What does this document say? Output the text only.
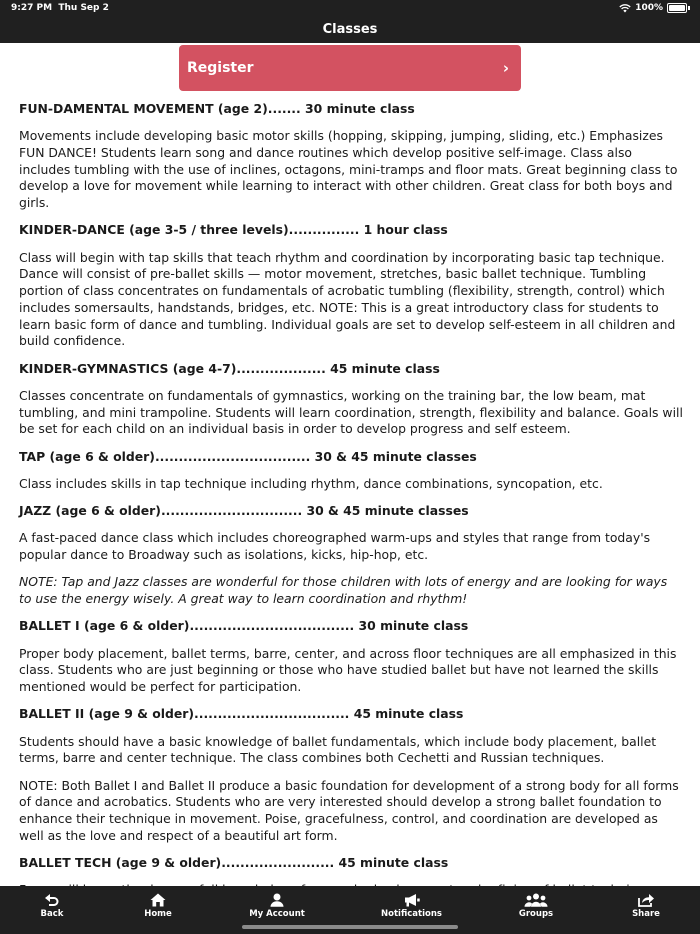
9:27 PM Thu Sep 2	100%
Classes
Register	›

FUN-DAMENTAL MOVEMENT (age 2)....... 30 minute class

Movements include developing basic motor skills (hopping, skipping, jumping, sliding, etc.) Emphasizes FUN DANCE! Students learn song and dance routines which develop positive self-image. Class also includes tumbling with the use of inclines, octagons, mini-tramps and floor mats. Great beginning class to develop a love for movement while learning to interact with other children. Great class for both boys and girls.

KINDER-DANCE (age 3-5 / three levels)............... 1 hour class

Class will begin with tap skills that teach rhythm and coordination by incorporating basic tap technique. Dance will consist of pre-ballet skills — motor movement, stretches, basic ballet technique. Tumbling portion of class concentrates on fundamentals of acrobatic tumbling (flexibility, strength, control) which includes somersaults, handstands, bridges, etc. NOTE: This is a great introductory class for students to learn basic form of dance and tumbling. Individual goals are set to develop self-esteem in all children and build confidence.

KINDER-GYMNASTICS (age 4-7)................... 45 minute class

Classes concentrate on fundamentals of gymnastics, working on the training bar, the low beam, mat tumbling, and mini trampoline. Students will learn coordination, strength, flexibility and balance. Goals will be set for each child on an individual basis in order to develop progress and self esteem.

TAP (age 6 & older)................................. 30 & 45 minute classes

Class includes skills in tap technique including rhythm, dance combinations, syncopation, etc.

JAZZ (age 6 & older).............................. 30 & 45 minute classes

A fast-paced dance class which includes choreographed warm-ups and styles that range from today's popular dance to Broadway such as isolations, kicks, hip-hop, etc.

NOTE: Tap and Jazz classes are wonderful for those children with lots of energy and are looking for ways to use the energy wisely. A great way to learn coordination and rhythm!

BALLET I (age 6 & older)................................... 30 minute class

Proper body placement, ballet terms, barre, center, and across floor techniques are all emphasized in this class. Students who are just beginning or those who have studied ballet but have not learned the skills mentioned would be perfect for participation.

BALLET II (age 9 & older)................................. 45 minute class

Students should have a basic knowledge of ballet fundamentals, which include body placement, ballet terms, barre and center technique. The class combines both Cechetti and Russian techniques.

NOTE: Both Ballet I and Ballet II produce a basic foundation for development of a strong body for all forms of dance and acrobatics. Students who are very interested should develop a strong ballet foundation to enhance their technique in movement. Poise, gracefulness, control, and coordination are developed as well as the love and respect of a beautiful art form.

BALLET TECH (age 9 & older)........................ 45 minute class

Back	Home	My Account	Notifications	Groups	Share
